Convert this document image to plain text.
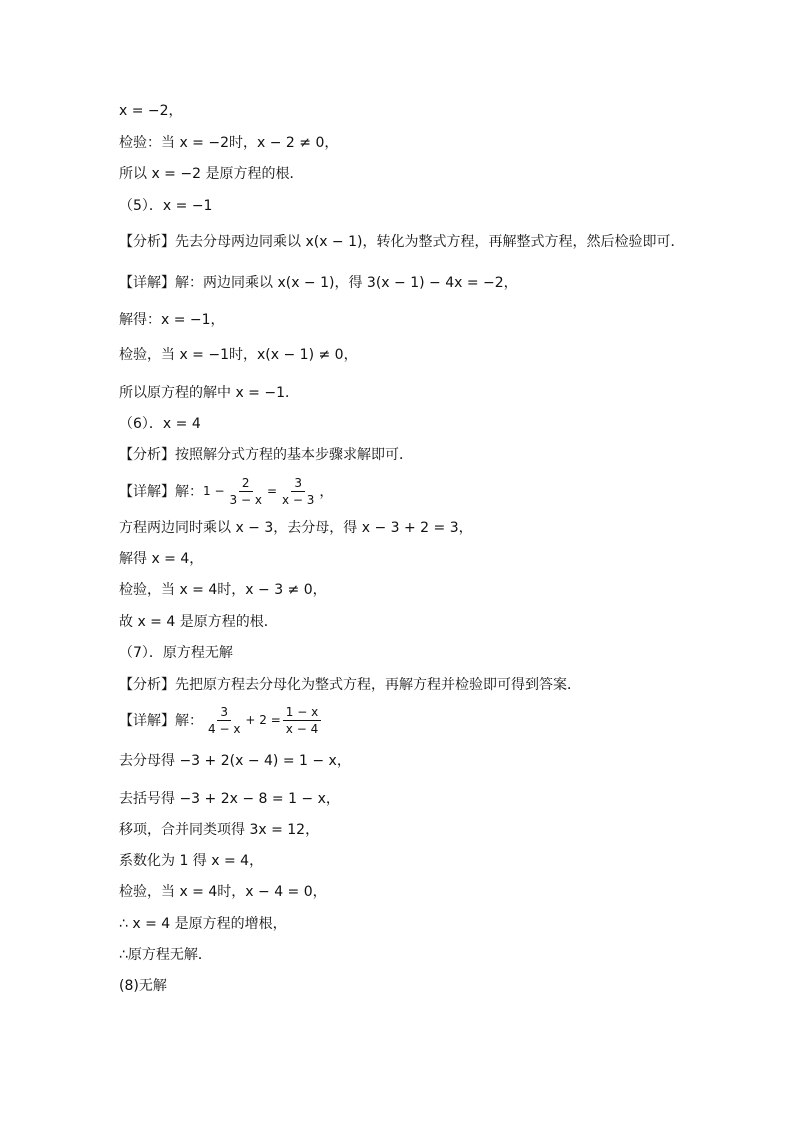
x = −2，
检验：当 x = −2时，x − 2 ≠ 0，
所以 x = −2 是原方程的根．
（5）．x = −1
【分析】先去分母两边同乘以 x(x − 1)，转化为整式方程，再解整式方程，然后检验即可．
【详解】解：两边同乘以 x(x − 1)，得 3(x − 1) − 4x = −2，
解得：x = −1，
检验，当 x = −1时，x(x − 1) ≠ 0，
所以原方程的解中 x = −1．
（6）．x = 4
【分析】按照解分式方程的基本步骤求解即可．
【详解】解： $1 - \frac{2}{3 - x} = \frac{3}{x - 3}$ ，
方程两边同时乘以 x − 3，去分母，得 x − 3 + 2 = 3，
解得 x = 4，
检验，当 x = 4时，x − 3 ≠ 0，
故 x = 4 是原方程的根．
（7）．原方程无解
【分析】先把原方程去分母化为整式方程，再解方程并检验即可得到答案．
【详解】解： $\frac{3}{4 - x} + 2 = \frac{1 - x}{x - 4}$
去分母得 −3 + 2(x − 4) = 1 − x，
去括号得 −3 + 2x − 8 = 1 − x，
移项，合并同类项得 3x = 12，
系数化为 1 得 x = 4，
检验，当 x = 4时，x − 4 = 0，
∴ x = 4 是原方程的增根，
∴原方程无解．
(8)无解
